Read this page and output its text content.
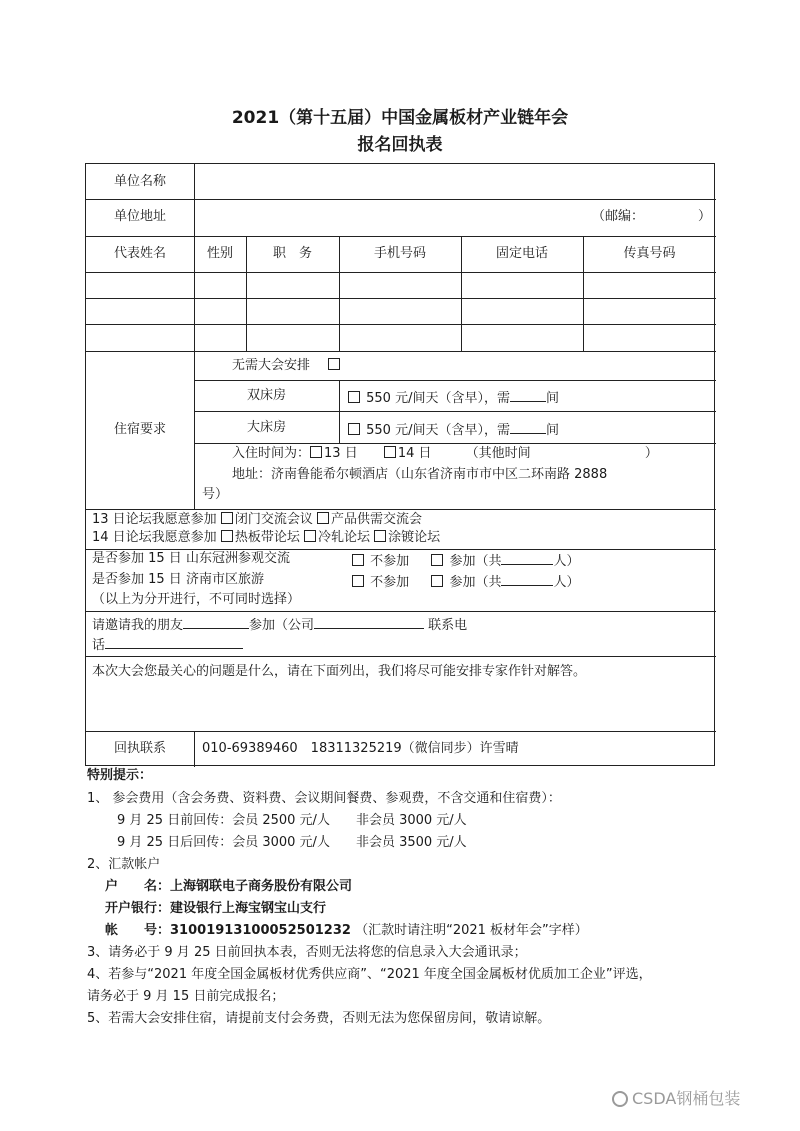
2021（第十五届）中国金属板材产业链年会
报名回执表
单位名称
单位地址	（邮编：	）
代表姓名	性别	职　务	手机号码	固定电话	传真号码
住宿要求
无需大会安排
双床房	550 元/间天（含早），需	间
大床房	550 元/间天（含早），需	间
入住时间为： 13 日	14 日	（其他时间	）
地址：济南鲁能希尔顿酒店（山东省济南市市中区二环南路 2888
号）
13 日论坛我愿意参加 闭门交流会议 产品供需交流会
14 日论坛我愿意参加 热板带论坛 冷轧论坛 涂镀论坛
是否参加 15 日 山东冠洲参观交流	不参加	参加（共	人）
是否参加 15 日 济南市区旅游	不参加	参加（共	人）
（以上为分开进行，不可同时选择）
请邀请我的朋友	参加（公司	联系电
话
本次大会您最关心的问题是什么，请在下面列出，我们将尽可能安排专家作针对解答。
回执联系	010-69389460　18311325219（微信同步）许雪晴
特别提示：
1、 参会费用（含会务费、资料费、会议期间餐费、参观费，不含交通和住宿费）：
9 月 25 日前回传：会员 2500 元/人　　非会员 3000 元/人
9 月 25 日后回传：会员 3000 元/人　　非会员 3500 元/人
2、汇款帐户
户　　名：上海钢联电子商务股份有限公司
开户银行：建设银行上海宝钢宝山支行
帐　　号：31001913100052501232 （汇款时请注明“2021 板材年会”字样）
3、请务必于 9 月 25 日前回执本表，否则无法将您的信息录入大会通讯录；
4、若参与“2021 年度全国金属板材优秀供应商”、“2021 年度全国金属板材优质加工企业”评选，
请务必于 9 月 15 日前完成报名；
5、若需大会安排住宿，请提前支付会务费，否则无法为您保留房间，敬请谅解。
CSDA钢桶包装
